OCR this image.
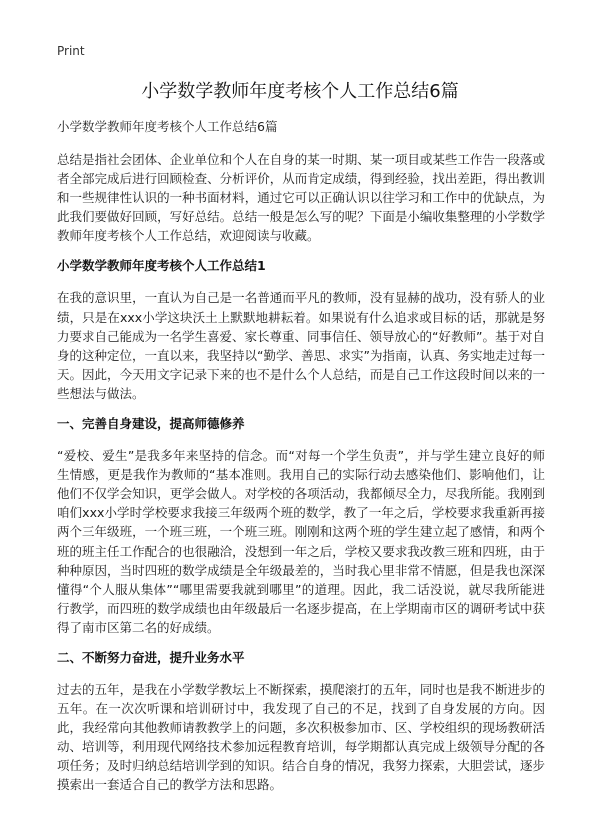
Print
小学数学教师年度考核个人工作总结6篇

小学数学教师年度考核个人工作总结6篇

总结是指社会团体、企业单位和个人在自身的某一时期、某一项目或某些工作告一段落或者全部完成后进行回顾检查、分析评价，从而肯定成绩，得到经验，找出差距，得出教训和一些规律性认识的一种书面材料，通过它可以正确认识以往学习和工作中的优缺点，为此我们要做好回顾，写好总结。总结一般是怎么写的呢？下面是小编收集整理的小学数学教师年度考核个人工作总结，欢迎阅读与收藏。

小学数学教师年度考核个人工作总结1

在我的意识里，一直认为自己是一名普通而平凡的教师，没有显赫的战功，没有骄人的业绩，只是在xxx小学这块沃土上默默地耕耘着。如果说有什么追求或目标的话，那就是努力要求自己能成为一名学生喜爱、家长尊重、同事信任、领导放心的“好教师”。基于对自身的这种定位，一直以来，我坚持以“勤学、善思、求实”为指南，认真、务实地走过每一天。因此，今天用文字记录下来的也不是什么个人总结，而是自己工作这段时间以来的一些想法与做法。

一、完善自身建设，提高师德修养

“爱校、爱生”是我多年来坚持的信念。而“对每一个学生负责”，并与学生建立良好的师生情感，更是我作为教师的“基本准则。我用自己的实际行动去感染他们、影响他们，让他们不仅学会知识，更学会做人。对学校的各项活动，我都倾尽全力，尽我所能。我刚到咱们xxx小学时学校要求我接三年级两个班的数学，教了一年之后，学校要求我重新再接两个三年级班，一个班三班，一个班三班。刚刚和这两个班的学生建立起了感情，和两个班的班主任工作配合的也很融洽，没想到一年之后，学校又要求我改教三班和四班，由于种种原因，当时四班的数学成绩是全年级最差的，当时我心里非常不情愿，但是我也深深懂得“个人服从集体”“哪里需要我就到哪里”的道理。因此，我二话没说，就尽我所能进行教学，而四班的数学成绩也由年级最后一名逐步提高，在上学期南市区的调研考试中获得了南市区第二名的好成绩。

二、不断努力奋进，提升业务水平

过去的五年，是我在小学数学教坛上不断探索，摸爬滚打的五年，同时也是我不断进步的五年。在一次次听课和培训研讨中，我发现了自己的不足，找到了自身发展的方向。因此，我经常向其他教师请教教学上的问题，多次积极参加市、区、学校组织的现场教研活动、培训等，利用现代网络技术参加远程教育培训，每学期都认真完成上级领导分配的各项任务；及时归纳总结培训学到的知识。结合自身的情况，我努力探索，大胆尝试，逐步摸索出一套适合自己的教学方法和思路。
